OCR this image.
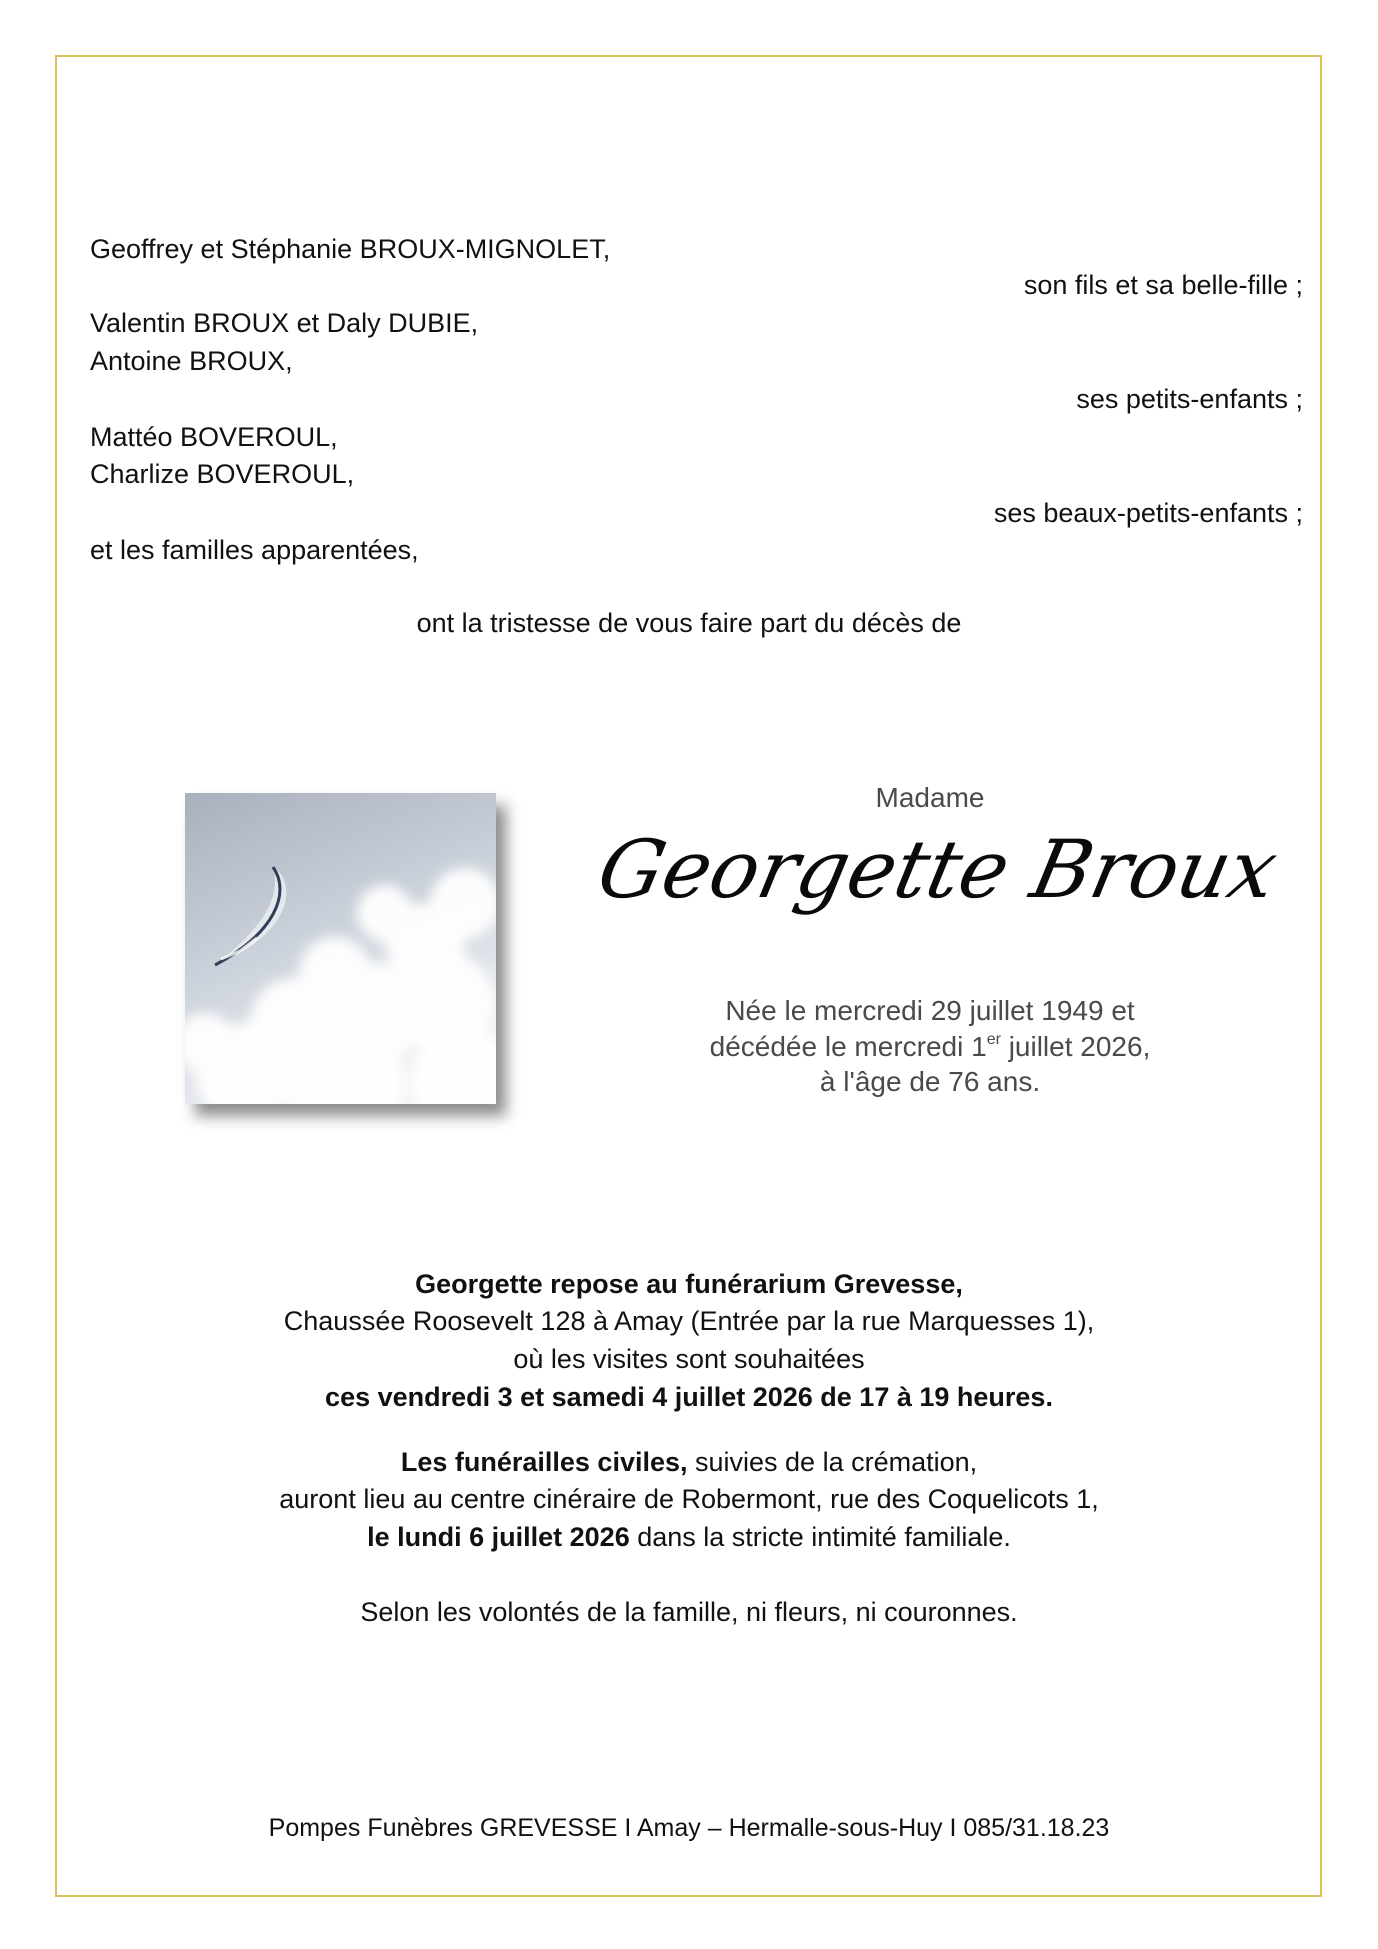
Geoffrey et Stéphanie BROUX-MIGNOLET,
son fils et sa belle-fille ;
Valentin BROUX et Daly DUBIE,
Antoine BROUX,
ses petits-enfants ;
Mattéo BOVEROUL,
Charlize BOVEROUL,
ses beaux-petits-enfants ;
et les familles apparentées,
ont la tristesse de vous faire part du décès de
Madame
Georgette Broux
Née le mercredi 29 juillet 1949 et
décédée le mercredi 1er juillet 2026,
à l'âge de 76 ans.
Georgette repose au funérarium Grevesse,
Chaussée Roosevelt 128 à Amay (Entrée par la rue Marquesses 1),
où les visites sont souhaitées
ces vendredi 3 et samedi 4 juillet 2026 de 17 à 19 heures.
Les funérailles civiles, suivies de la crémation,
auront lieu au centre cinéraire de Robermont, rue des Coquelicots 1,
le lundi 6 juillet 2026 dans la stricte intimité familiale.
Selon les volontés de la famille, ni fleurs, ni couronnes.
Pompes Funèbres GREVESSE I Amay – Hermalle-sous-Huy I 085/31.18.23
